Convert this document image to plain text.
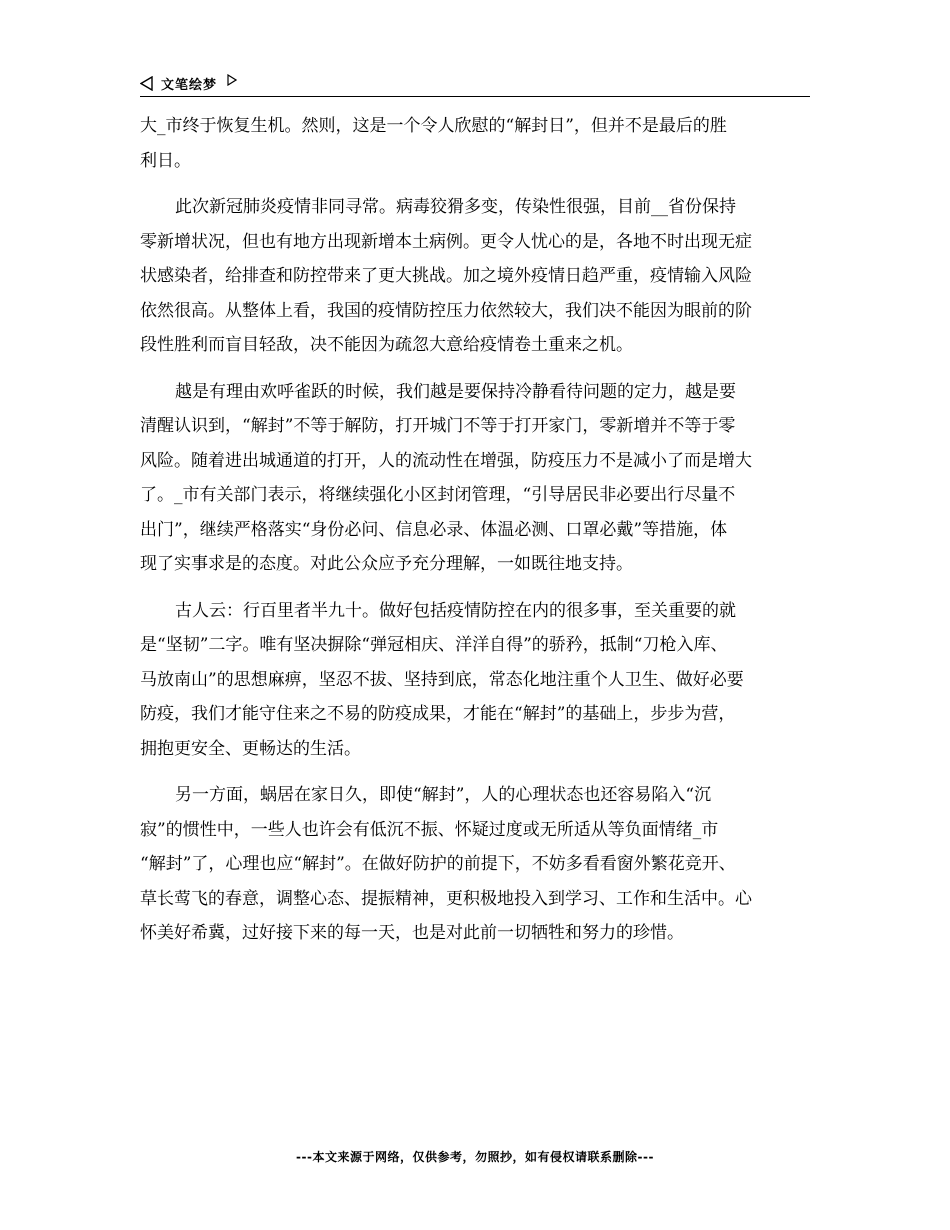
文笔绘梦

大_市终于恢复生机。然则，这是一个令人欣慰的“解封日”，但并不是最后的胜
利日。

此次新冠肺炎疫情非同寻常。病毒狡猾多变，传染性很强，目前__省份保持
零新增状况，但也有地方出现新增本土病例。更令人忧心的是，各地不时出现无症
状感染者，给排查和防控带来了更大挑战。加之境外疫情日趋严重，疫情输入风险
依然很高。从整体上看，我国的疫情防控压力依然较大，我们决不能因为眼前的阶
段性胜利而盲目轻敌，决不能因为疏忽大意给疫情卷土重来之机。

越是有理由欢呼雀跃的时候，我们越是要保持冷静看待问题的定力，越是要
清醒认识到，“解封”不等于解防，打开城门不等于打开家门，零新增并不等于零
风险。随着进出城通道的打开，人的流动性在增强，防疫压力不是减小了而是增大
了。_市有关部门表示，将继续强化小区封闭管理，“引导居民非必要出行尽量不
出门”，继续严格落实“身份必问、信息必录、体温必测、口罩必戴”等措施，体
现了实事求是的态度。对此公众应予充分理解，一如既往地支持。

古人云：行百里者半九十。做好包括疫情防控在内的很多事，至关重要的就
是“坚韧”二字。唯有坚决摒除“弹冠相庆、洋洋自得”的骄矜，抵制“刀枪入库、
马放南山”的思想麻痹，坚忍不拔、坚持到底，常态化地注重个人卫生、做好必要
防疫，我们才能守住来之不易的防疫成果，才能在“解封”的基础上，步步为营，
拥抱更安全、更畅达的生活。

另一方面，蜗居在家日久，即使“解封”，人的心理状态也还容易陷入“沉
寂”的惯性中，一些人也许会有低沉不振、怀疑过度或无所适从等负面情绪_市
“解封”了，心理也应“解封”。在做好防护的前提下，不妨多看看窗外繁花竞开、
草长莺飞的春意，调整心态、提振精神，更积极地投入到学习、工作和生活中。心
怀美好希冀，过好接下来的每一天，也是对此前一切牺牲和努力的珍惜。

---本文来源于网络，仅供参考，勿照抄，如有侵权请联系删除---
